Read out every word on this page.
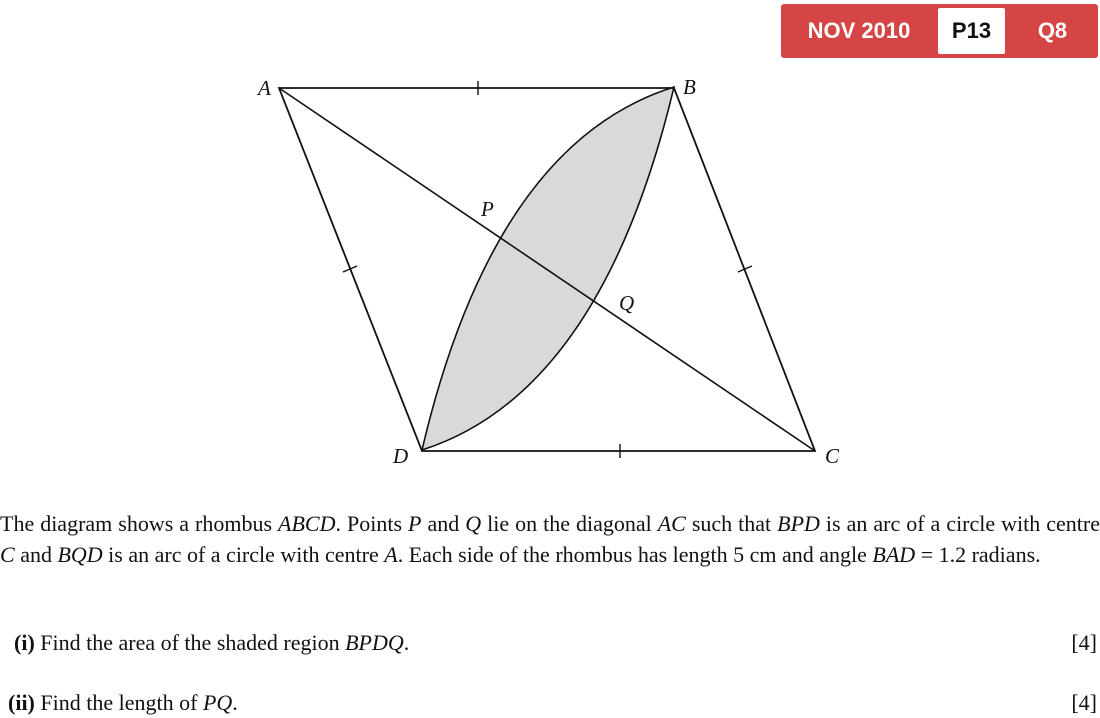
NOV 2010	P13	Q8
A	B
C
D
P
Q

The diagram shows a rhombus ABCD. Points P and Q lie on the diagonal AC such that BPD is an arc of a circle with centre C and BQD is an arc of a circle with centre A. Each side of the rhombus has length 5 cm and angle BAD = 1.2 radians.

(i) Find the area of the shaded region BPDQ.	[4]
(ii) Find the length of PQ.	[4]
